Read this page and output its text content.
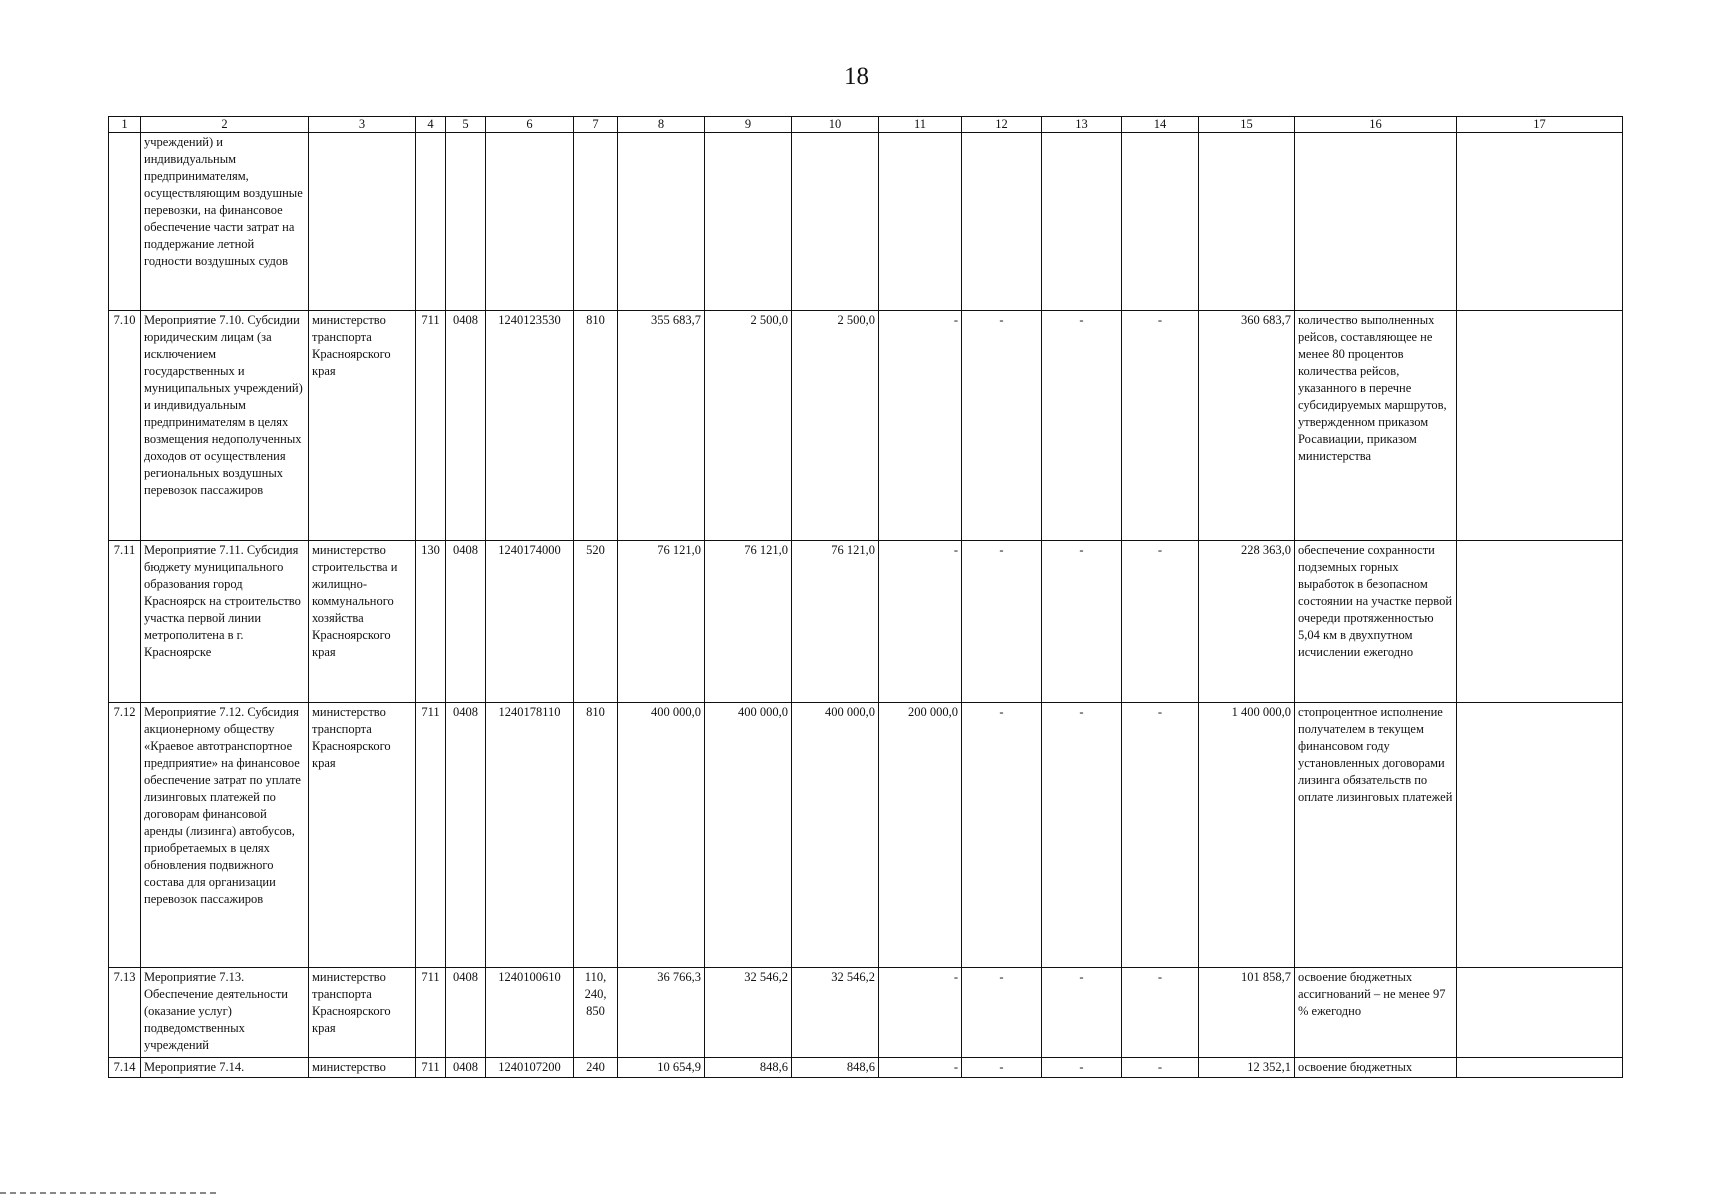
18
1	2	3	4	5	6	7	8	9	10	11	12	13	14	15	16	17
	учреждений) и индивидуальным предпринимателям, осуществляющим воздушные перевозки, на финансовое обеспечение части затрат на поддержание летной годности воздушных судов															
7.10	Мероприятие 7.10. Субсидии юридическим лицам (за исключением государственных и муниципальных учреждений) и индивидуальным предпринимателям в целях возмещения недополученных доходов от осуществления региональных воздушных перевозок пассажиров	министерство транспорта Красноярского края	711	0408	1240123530	810	355 683,7	2 500,0	2 500,0	-	-	-	-	360 683,7	количество выполненных рейсов, составляющее не менее 80 процентов количества рейсов, указанного в перечне субсидируемых маршрутов, утвержденном приказом Росавиации, приказом министерства	
7.11	Мероприятие 7.11. Субсидия бюджету муниципального образования город Красноярск на строительство участка первой линии метрополитена в г. Красноярске	министерство строительства и жилищно-коммунального хозяйства Красноярского края	130	0408	1240174000	520	76 121,0	76 121,0	76 121,0	-	-	-	-	228 363,0	обеспечение сохранности подземных горных выработок в безопасном состоянии на участке первой очереди протяженностью 5,04 км в двухпутном исчислении ежегодно	
7.12	Мероприятие 7.12. Субсидия акционерному обществу «Краевое автотранспортное предприятие» на финансовое обеспечение затрат по уплате лизинговых платежей по договорам финансовой аренды (лизинга) автобусов, приобретаемых в целях обновления подвижного состава для организации перевозок пассажиров	министерство транспорта Красноярского края	711	0408	1240178110	810	400 000,0	400 000,0	400 000,0	200 000,0	-	-	-	1 400 000,0	стопроцентное исполнение получателем в текущем финансовом году установленных договорами лизинга обязательств по оплате лизинговых платежей	
7.13	Мероприятие 7.13. Обеспечение деятельности (оказание услуг) подведомственных учреждений	министерство транспорта Красноярского края	711	0408	1240100610	110, 240, 850	36 766,3	32 546,2	32 546,2	-	-	-	-	101 858,7	освоение бюджетных ассигнований – не менее 97 % ежегодно	
7.14	Мероприятие 7.14.	министерство	711	0408	1240107200	240	10 654,9	848,6	848,6	-	-	-	-	12 352,1	освоение бюджетных	
